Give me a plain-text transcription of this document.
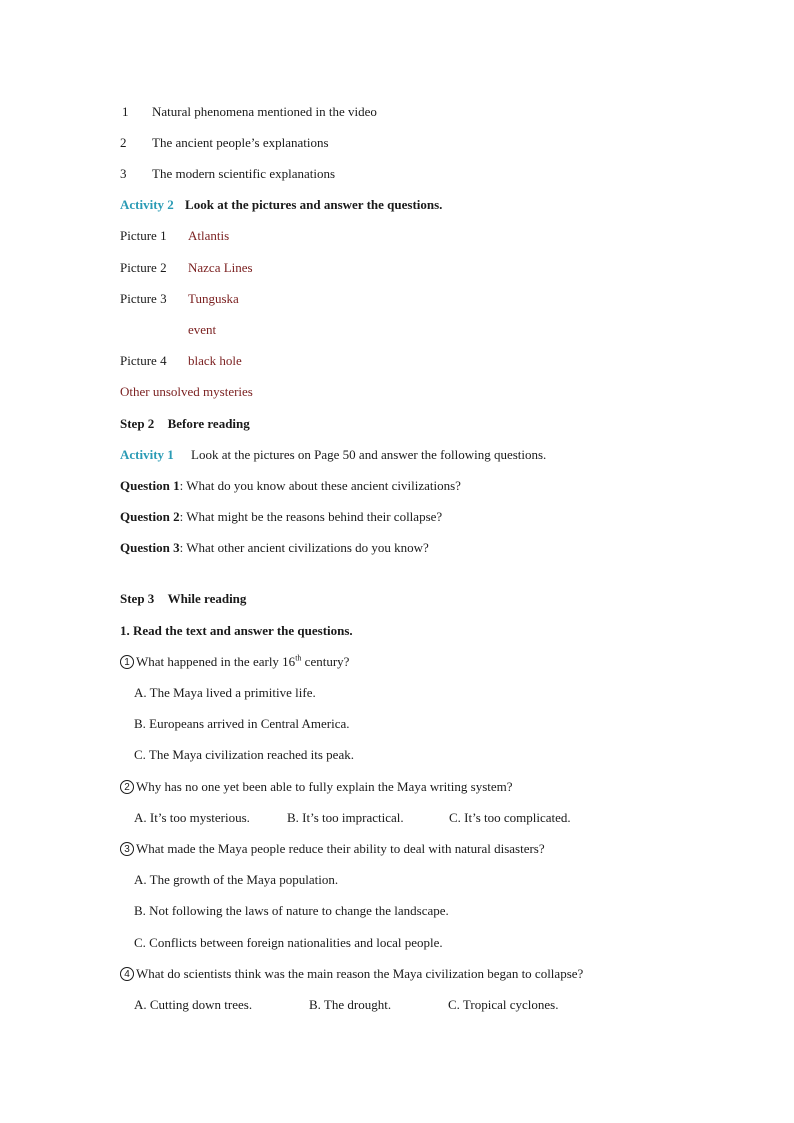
1 Natural phenomena mentioned in the video
2 The ancient people’s explanations
3 The modern scientific explanations
Activity 2 Look at the pictures and answer the questions.
Picture 1 Atlantis
Picture 2 Nazca Lines
Picture 3 Tunguska
event
Picture 4 black hole
Other unsolved mysteries
Step 2 Before reading
Activity 1 Look at the pictures on Page 50 and answer the following questions.
Question 1: What do you know about these ancient civilizations?
Question 2: What might be the reasons behind their collapse?
Question 3: What other ancient civilizations do you know?
Step 3 While reading
1. Read the text and answer the questions.
1 What happened in the early 16th century?
A. The Maya lived a primitive life.
B. Europeans arrived in Central America.
C. The Maya civilization reached its peak.
2 Why has no one yet been able to fully explain the Maya writing system?
A. It’s too mysterious.	B. It’s too impractical.	C. It’s too complicated.
3 What made the Maya people reduce their ability to deal with natural disasters?
A. The growth of the Maya population.
B. Not following the laws of nature to change the landscape.
C. Conflicts between foreign nationalities and local people.
4 What do scientists think was the main reason the Maya civilization began to collapse?
A. Cutting down trees.	B. The drought.	C. Tropical cyclones.
